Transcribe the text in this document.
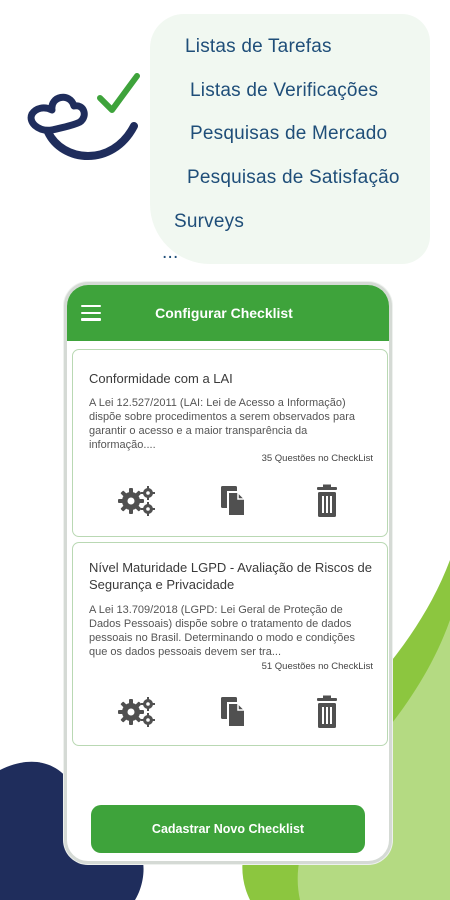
Listas de Tarefas
Listas de Verificações
Pesquisas de Mercado
Pesquisas de Satisfação
Surveys
...
Configurar Checklist
Conformidade com a LAI
A Lei 12.527/2011 (LAI: Lei de Acesso a Informação) dispõe sobre procedimentos a serem observados para garantir o acesso e a maior transparência da informação....
35 Questões no CheckList
Nível Maturidade LGPD - Avaliação de Riscos de Segurança e Privacidade
A Lei 13.709/2018 (LGPD: Lei Geral de Proteção de Dados Pessoais) dispõe sobre o tratamento de dados pessoais no Brasil. Determinando o modo e condições que os dados pessoais devem ser tra...
51 Questões no CheckList
Cadastrar Novo Checklist
